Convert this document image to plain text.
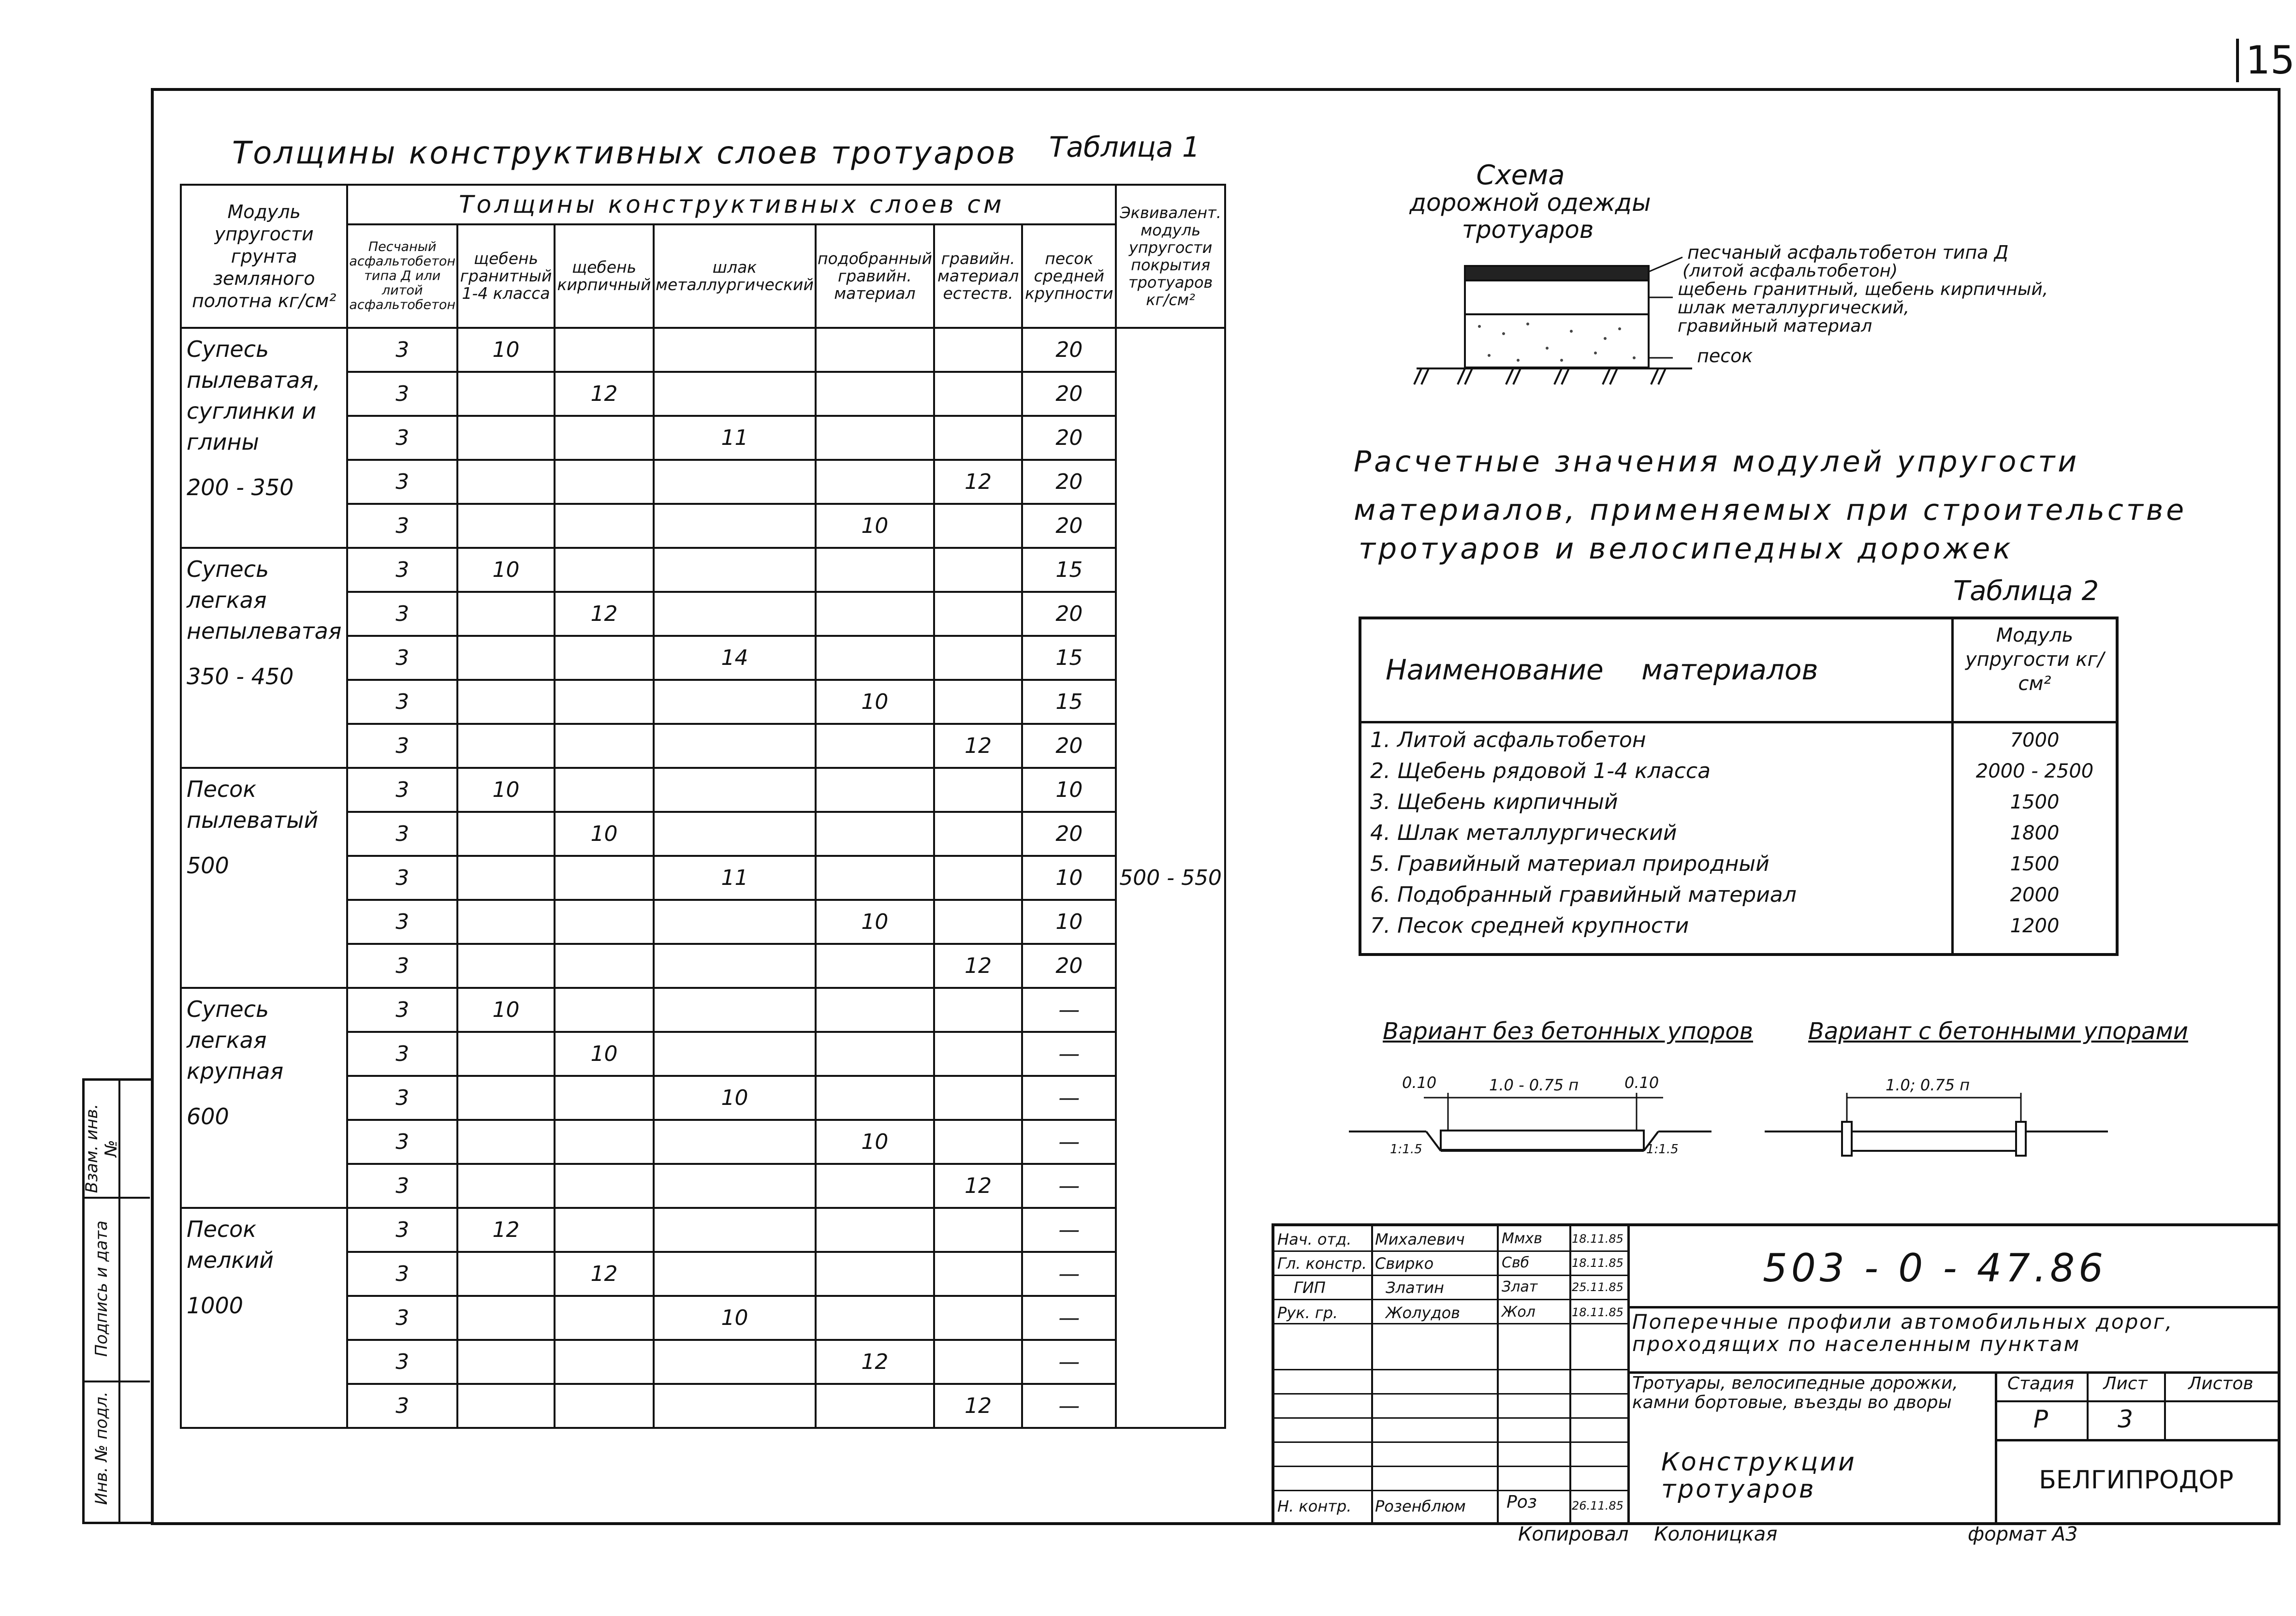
15
Инв. № подл.
Подпись и дата
Взам. инв. №
Толщины конструктивных слоев тротуаров Таблица 1
Модуль упругости грунта земляного полотна кг/см²	Толщины конструктивных слоев см							Эквивалент. модуль упругости покрытия тротуаров кг/см²
	Песчаный асфальтобетон типа Д или литой асфальтобетон	щебень гранитный 1-4 класса	щебень кирпичный	шлак металлургический	подобранный гравийн. материал	гравийн. материал естеств.	песок средней крупности	

Супесь пылеватая, суглинки и глины
200 - 350	3	10					20	500 - 550
	3		12				20	
	3			11			20	
	3					12	20	
	3				10		20	

Супесь легкая непылеватая
350 - 450	3	10					15	
	3		12				20	
	3			14			15	
	3				10		15	
	3					12	20	

Песок пылеватый
500	3	10					10	
	3		10				20	
	3			11			10	
	3				10		10	
	3					12	20	

Супесь легкая крупная
600	3	10					—	
	3		10				—	
	3			10			—	
	3				10		—	
	3					12	—	

Песок мелкий
1000	3	12					—	
	3		12				—	
	3			10			—	
	3				12		—	
	3					12	—	
Схема
дорожной одежды
тротуаров
песчаный асфальтобетон типа Д
(литой асфальтобетон)
щебень гранитный, щебень кирпичный,
шлак металлургический,
гравийный материал
песок
Расчетные значения модулей упругости
материалов, применяемых при строительстве
тротуаров и велосипедных дорожек
Таблица 2
Наименование материалов
Модуль упругости кг/см²
1. Литой асфальтобетон	7000
2. Щебень рядовой 1-4 класса	2000 - 2500
3. Щебень кирпичный	1500
4. Шлак металлургический	1800
5. Гравийный материал природный	1500
6. Подобранный гравийный материал	2000
7. Песок средней крупности	1200
Вариант без бетонных упоров Вариант с бетонными упорами
0.10	1.0 - 0.75 п	0.10
1:1.5	1:1.5
1.0; 0.75 п
Нач. отд. Михалевич	Ммхв	18.11.85
Гл. констр. Свирко	Свб	18.11.85
ГИП	Златин	Злат	25.11.85
Рук. гр.	Жолудов	Жол	18.11.85
Н. контр. Розенблюм Роз	26.11.85
503 - 0 - 47.86
Поперечные профили автомобильных дорог, проходящих по населенным пунктам
Тротуары, велосипедные дорожки, камни бортовые, въезды во дворы
Стадия	Лист	Листов
Р	3
Конструкции тротуаров	БЕЛГИПРОДОР
Копировал Колоницкая	формат А3
